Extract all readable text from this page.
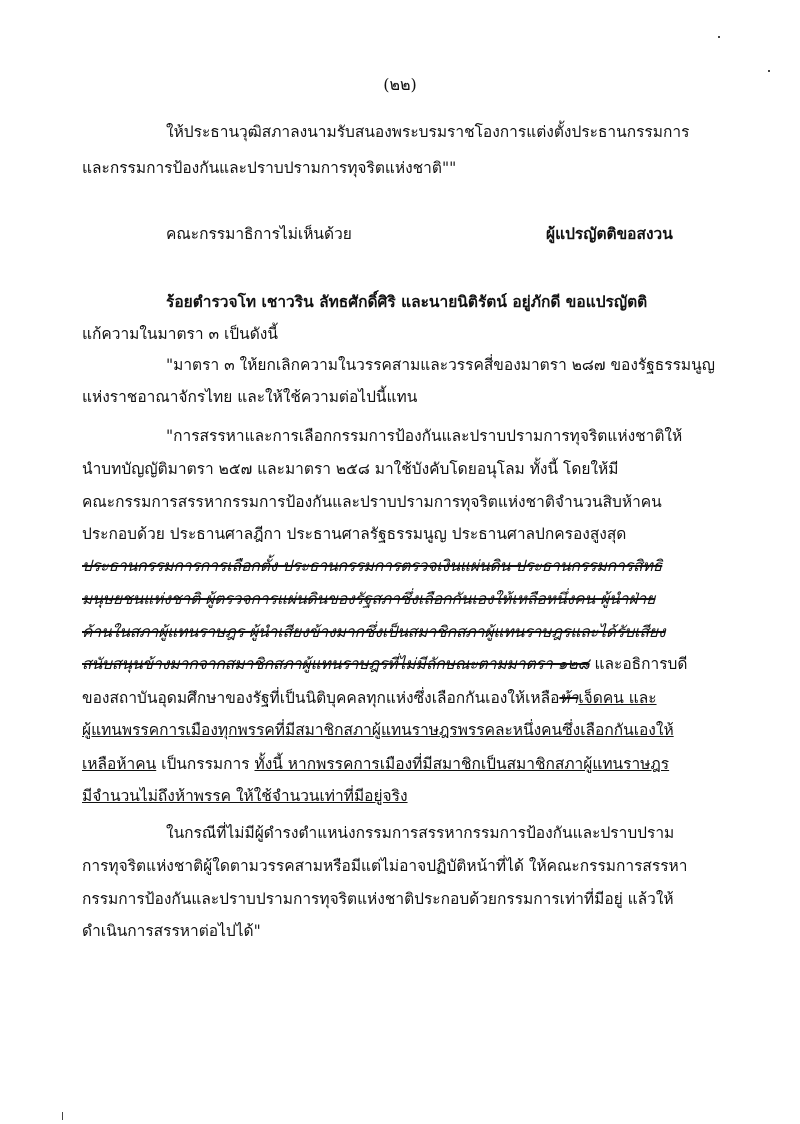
(๒๒)
ให้ประธานวุฒิสภาลงนามรับสนองพระบรมราชโองการแต่งตั้งประธานกรรมการ
และกรรมการป้องกันและปราบปรามการทุจริตแห่งชาติ""
คณะกรรมาธิการไม่เห็นด้วย	ผู้แปรญัตติขอสงวน
ร้อยตำรวจโท เชาวริน ลัทธศักดิ์ศิริ และนายนิติรัตน์ อยู่ภักดี ขอแปรญัตติ
แก้ความในมาตรา ๓ เป็นดังนี้
"มาตรา ๓ ให้ยกเลิกความในวรรคสามและวรรคสี่ของมาตรา ๒๘๗ ของรัฐธรรมนูญ
แห่งราชอาณาจักรไทย และให้ใช้ความต่อไปนี้แทน
"การสรรหาและการเลือกกรรมการป้องกันและปราบปรามการทุจริตแห่งชาติให้
นำบทบัญญัติมาตรา ๒๕๗ และมาตรา ๒๕๘ มาใช้บังคับโดยอนุโลม ทั้งนี้ โดยให้มี
คณะกรรมการสรรหากรรมการป้องกันและปราบปรามการทุจริตแห่งชาติจำนวนสิบห้าคน
ประกอบด้วย ประธานศาลฎีกา ประธานศาลรัฐธรรมนูญ ประธานศาลปกครองสูงสุด
ประธานกรรมการการเลือกตั้ง ประธานกรรมการตรวจเงินแผ่นดิน ประธานกรรมการสิทธิ
มนุษยชนแห่งชาติ ผู้ตรวจการแผ่นดินของรัฐสภาซึ่งเลือกกันเองให้เหลือหนึ่งคน ผู้นำฝ่าย
ค้านในสภาผู้แทนราษฎร ผู้นำเสียงข้างมากซึ่งเป็นสมาชิกสภาผู้แทนราษฎรและได้รับเสียง
สนับสนุนข้างมากจากสมาชิกสภาผู้แทนราษฎรที่ไม่มีลักษณะตามมาตรา ๑๒๘ และอธิการบดี
ของสถาบันอุดมศึกษาของรัฐที่เป็นนิติบุคคลทุกแห่งซึ่งเลือกกันเองให้เหลือห้าเจ็ดคน และ
ผู้แทนพรรคการเมืองทุกพรรคที่มีสมาชิกสภาผู้แทนราษฎรพรรคละหนึ่งคนซึ่งเลือกกันเองให้
เหลือห้าคน เป็นกรรมการ ทั้งนี้ หากพรรคการเมืองที่มีสมาชิกเป็นสมาชิกสภาผู้แทนราษฎร
มีจำนวนไม่ถึงห้าพรรค ให้ใช้จำนวนเท่าที่มีอยู่จริง
ในกรณีที่ไม่มีผู้ดำรงตำแหน่งกรรมการสรรหากรรมการป้องกันและปราบปราม
การทุจริตแห่งชาติผู้ใดตามวรรคสามหรือมีแต่ไม่อาจปฏิบัติหน้าที่ได้ ให้คณะกรรมการสรรหา
กรรมการป้องกันและปราบปรามการทุจริตแห่งชาติประกอบด้วยกรรมการเท่าที่มีอยู่ แล้วให้
ดำเนินการสรรหาต่อไปได้"
